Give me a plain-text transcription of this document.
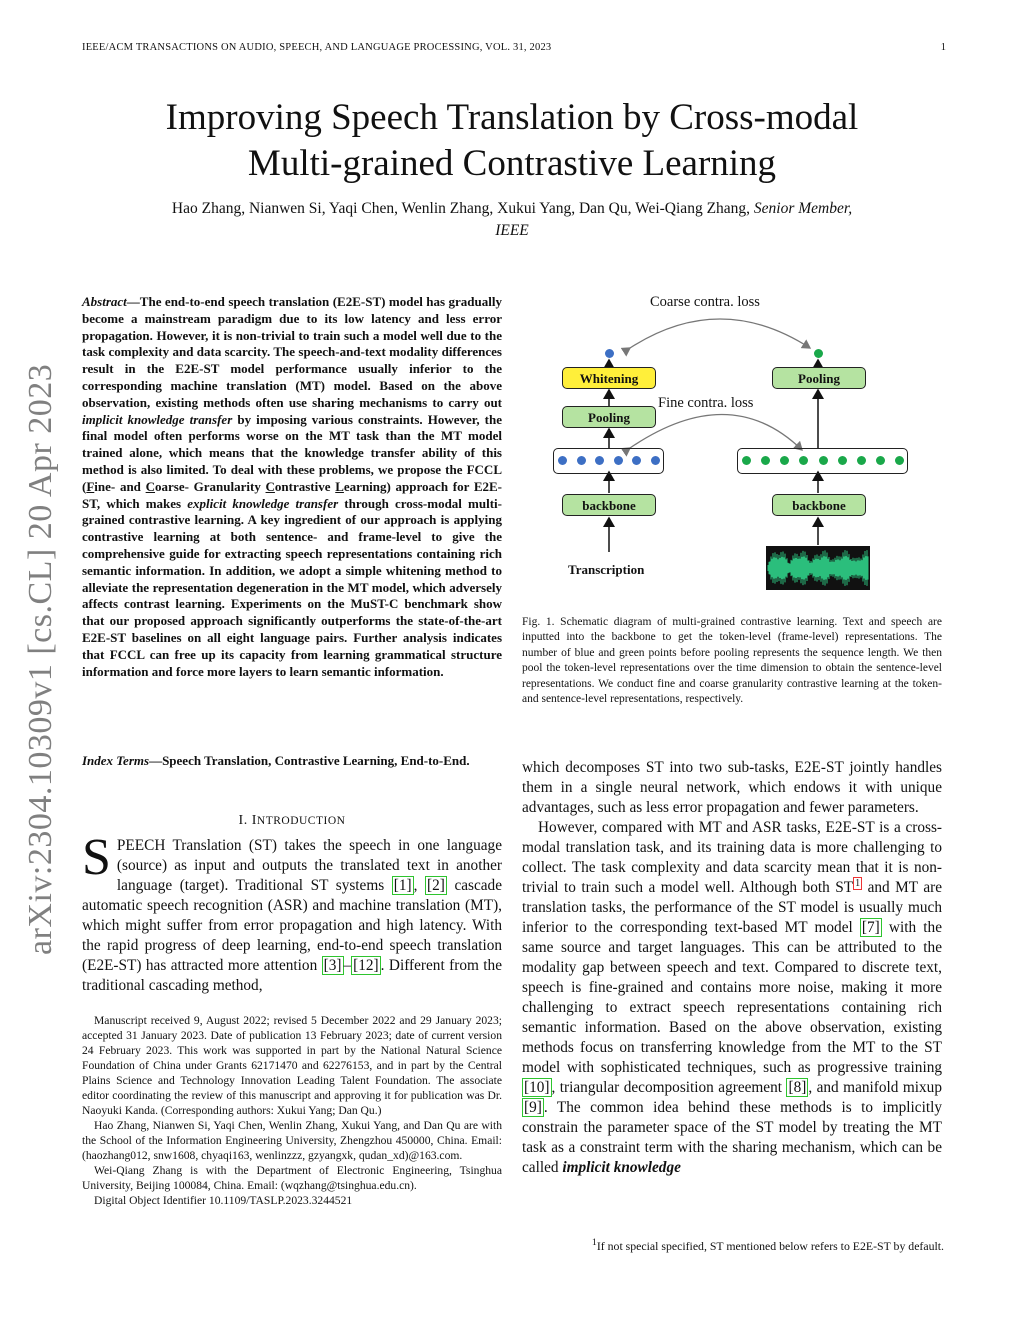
IEEE/ACM TRANSACTIONS ON AUDIO, SPEECH, AND LANGUAGE PROCESSING, VOL. 31, 2023	1
Improving Speech Translation by Cross-modal
Multi-grained Contrastive Learning
Hao Zhang, Nianwen Si, Yaqi Chen, Wenlin Zhang, Xukui Yang, Dan Qu, Wei-Qiang Zhang, Senior Member,
IEEE
arXiv:2304.10309v1 [cs.CL] 20 Apr 2023
Abstract—The end-to-end speech translation (E2E-ST) model has gradually become a mainstream paradigm due to its low latency and less error propagation. However, it is non-trivial to train such a model well due to the task complexity and data scarcity. The speech-and-text modality differences result in the E2E-ST model performance usually inferior to the corresponding machine translation (MT) model. Based on the above observation, existing methods often use sharing mechanisms to carry out implicit knowledge transfer by imposing various constraints. However, the final model often performs worse on the MT task than the MT model trained alone, which means that the knowledge transfer ability of this method is also limited. To deal with these problems, we propose the FCCL (Fine- and Coarse- Granularity Contrastive Learning) approach for E2E-ST, which makes explicit knowledge transfer through cross-modal multi-grained contrastive learning. A key ingredient of our approach is applying contrastive learning at both sentence- and frame-level to give the comprehensive guide for extracting speech representations containing rich semantic information. In addition, we adopt a simple whitening method to alleviate the representation degeneration in the MT model, which adversely affects contrast learning. Experiments on the MuST-C benchmark show that our proposed approach significantly outperforms the state-of-the-art E2E-ST baselines on all eight language pairs. Further analysis indicates that FCCL can free up its capacity from learning grammatical structure information and force more layers to learn semantic information.
Index Terms—Speech Translation, Contrastive Learning, End-to-End.
I. INTRODUCTION
SPEECH Translation (ST) takes the speech in one language (source) as input and outputs the translated text in another language (target). Traditional ST systems [1] , [2] cascade automatic speech recognition (ASR) and machine translation (MT), which might suffer from error propagation and high latency. With the rapid progress of deep learning, end-to-end speech translation (E2E-ST) has attracted more attention [3] – [12] . Different from the traditional cascading method,

Manuscript received 9, August 2022; revised 5 December 2022 and 29 January 2023; accepted 31 January 2023. Date of publication 13 February 2023; date of current version 24 February 2023. This work was supported in part by the National Natural Science Foundation of China under Grants 62171470 and 62276153, and in part by the Central Plains Science and Technology Innovation Leading Talent Foundation. The associate editor coordinating the review of this manuscript and approving it for publication was Dr. Naoyuki Kanda. (Corresponding authors: Xukui Yang; Dan Qu.)

Hao Zhang, Nianwen Si, Yaqi Chen, Wenlin Zhang, Xukui Yang, and Dan Qu are with the School of the Information Engineering University, Zhengzhou 450000, China. Email: (haozhang012, snw1608, chyaqi163, wenlinzzz, gzyangxk, qudan_xd)@163.com.

Wei-Qiang Zhang is with the Department of Electronic Engineering, Tsinghua University, Beijing 100084, China. Email: (wqzhang@tsinghua.edu.cn).

Digital Object Identifier 10.1109/TASLP.2023.3244521

Coarse contra. loss
Fine contra. loss
Whitening	Pooling
Pooling
backbone	backbone
Transcription
Fig. 1. Schematic diagram of multi-grained contrastive learning. Text and speech are inputted into the backbone to get the token-level (frame-level) representations. The number of blue and green points before pooling represents the sequence length. We then pool the token-level representations over the time dimension to obtain the sentence-level representations. We conduct fine and coarse granularity contrastive learning at the token- and sentence-level representations, respectively.

which decomposes ST into two sub-tasks, E2E-ST jointly handles them in a single neural network, which endows it with unique advantages, such as less error propagation and fewer parameters.

However, compared with MT and ASR tasks, E2E-ST is a cross-modal translation task, and its training data is more challenging to collect. The task complexity and data scarcity mean that it is non-trivial to train such a model well. Although both ST $^1$ and MT are translation tasks, the performance of the ST model is usually much inferior to the corresponding text-based MT model [7] with the same source and target languages. This can be attributed to the modality gap between speech and text. Compared to discrete text, speech is fine-grained and contains more noise, making it more challenging to extract speech representations containing rich semantic information. Based on the above observation, existing methods focus on transferring knowledge from the MT to the ST model with sophisticated techniques, such as progressive training [10] , triangular decomposition agreement [8] , and manifold mixup [9] . The common idea behind these methods is to implicitly constrain the parameter space of the ST model by treating the MT task as a constraint term with the sharing mechanism, which can be called implicit knowledge

$^1$If not special specified, ST mentioned below refers to E2E-ST by default.
